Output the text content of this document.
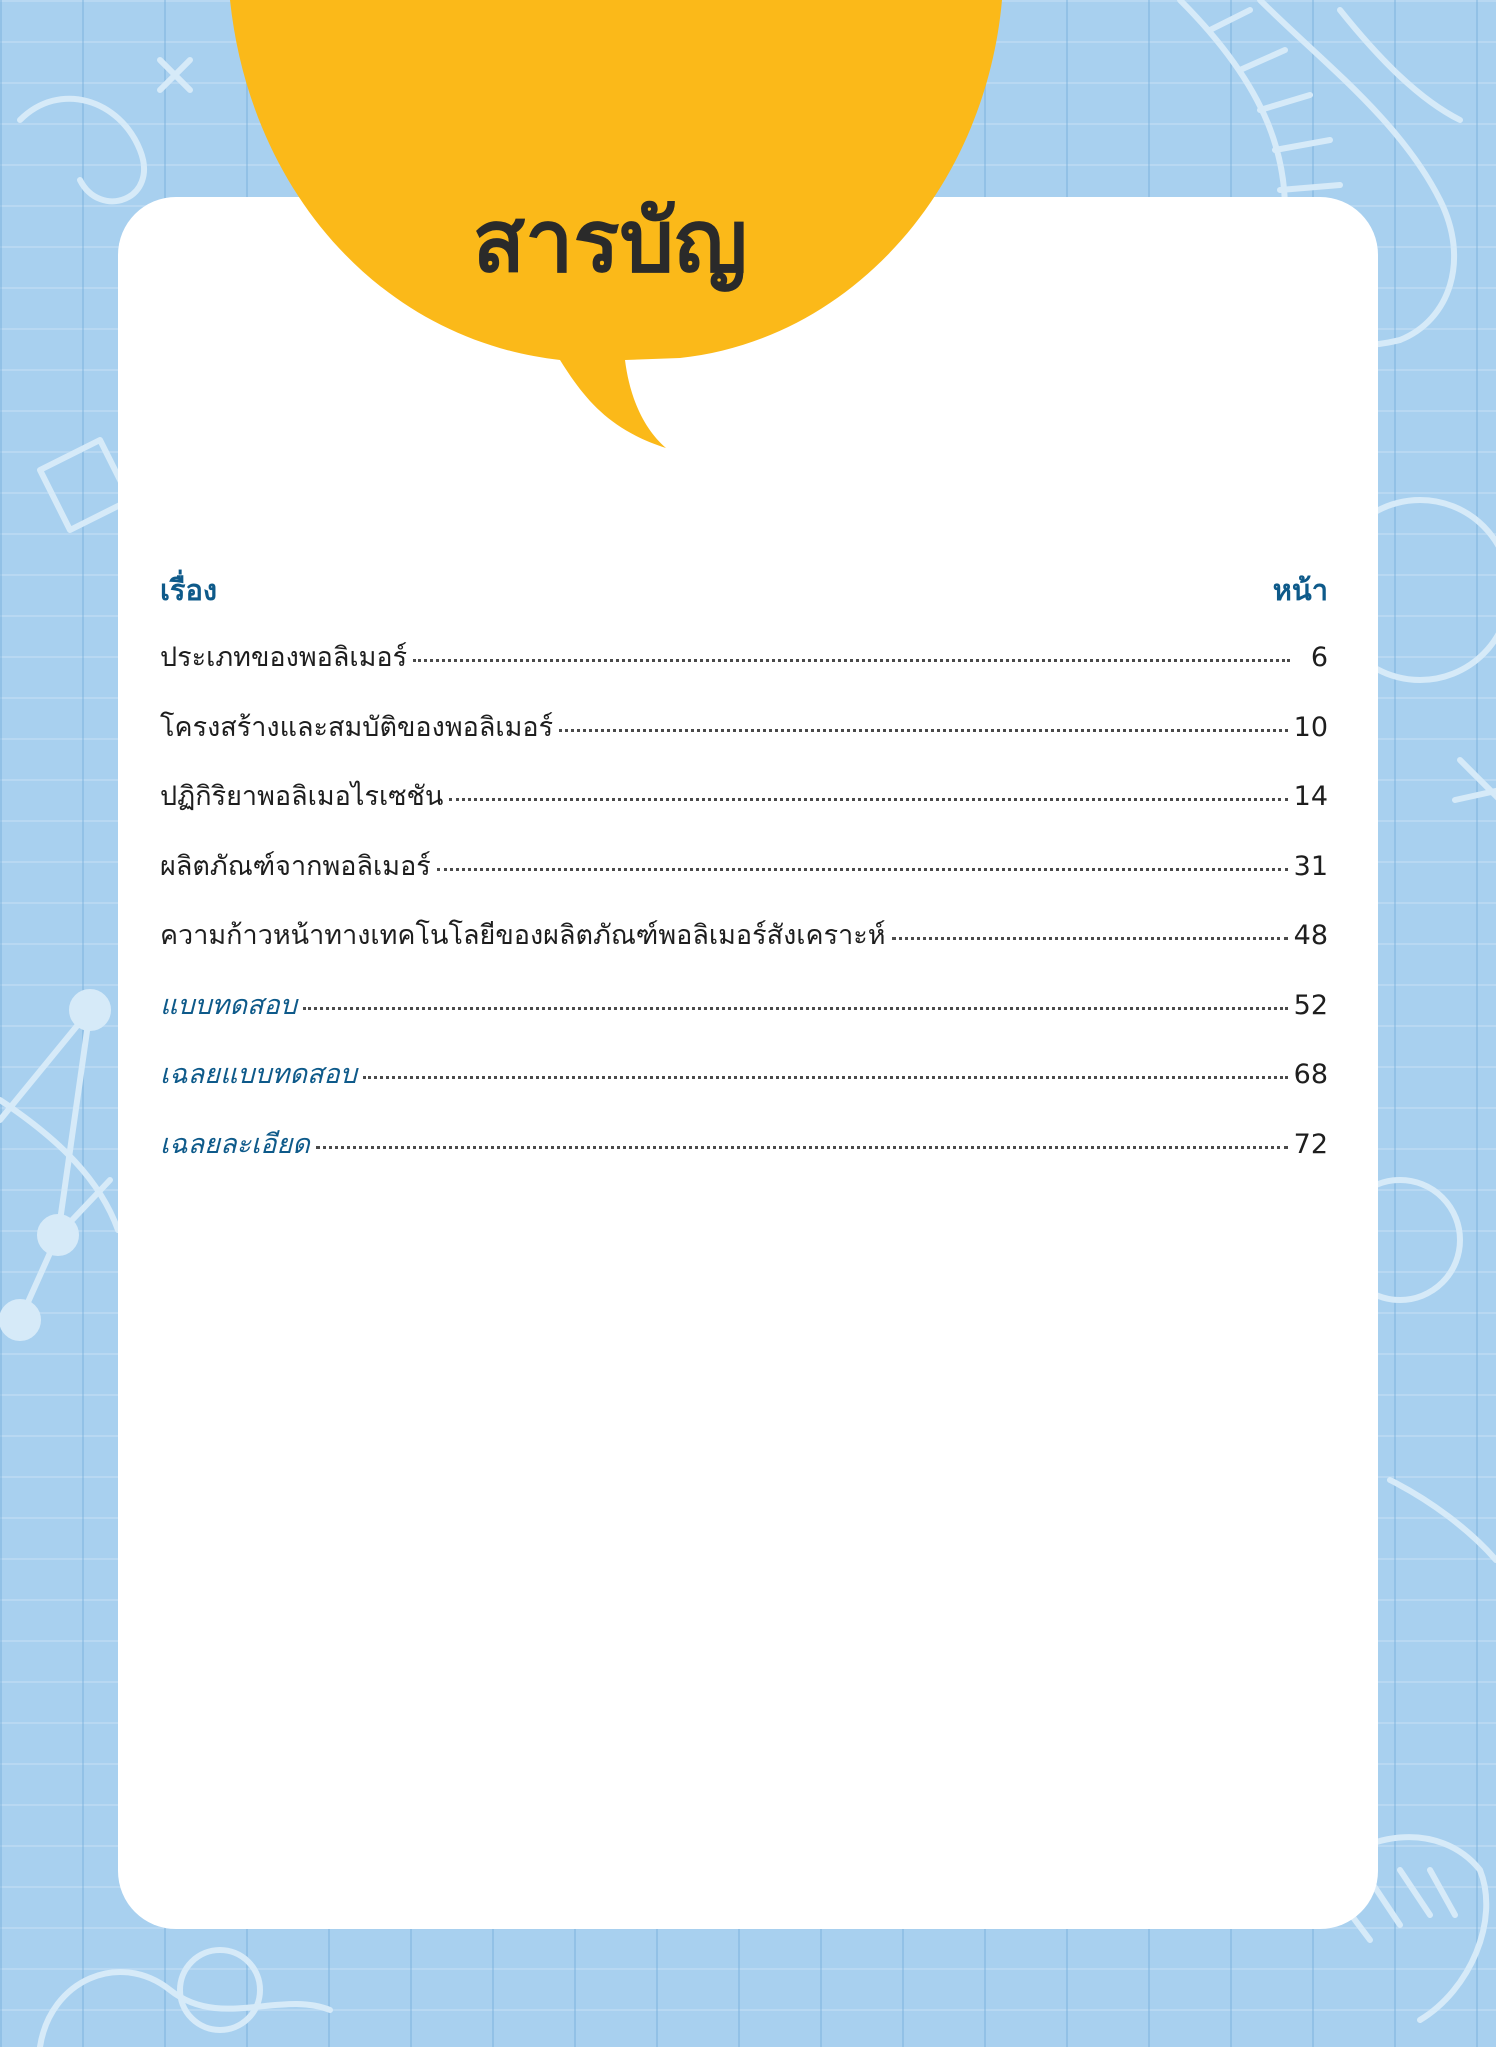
สารบัญ
เรื่อง	หน้า
ประเภทของพอลิเมอร์	6
โครงสร้างและสมบัติของพอลิเมอร์	10
ปฏิกิริยาพอลิเมอไรเซชัน	14
ผลิตภัณฑ์จากพอลิเมอร์	31
ความก้าวหน้าทางเทคโนโลยีของผลิตภัณฑ์พอลิเมอร์สังเคราะห์	48
แบบทดสอบ	52
เฉลยแบบทดสอบ	68
เฉลยละเอียด	72
